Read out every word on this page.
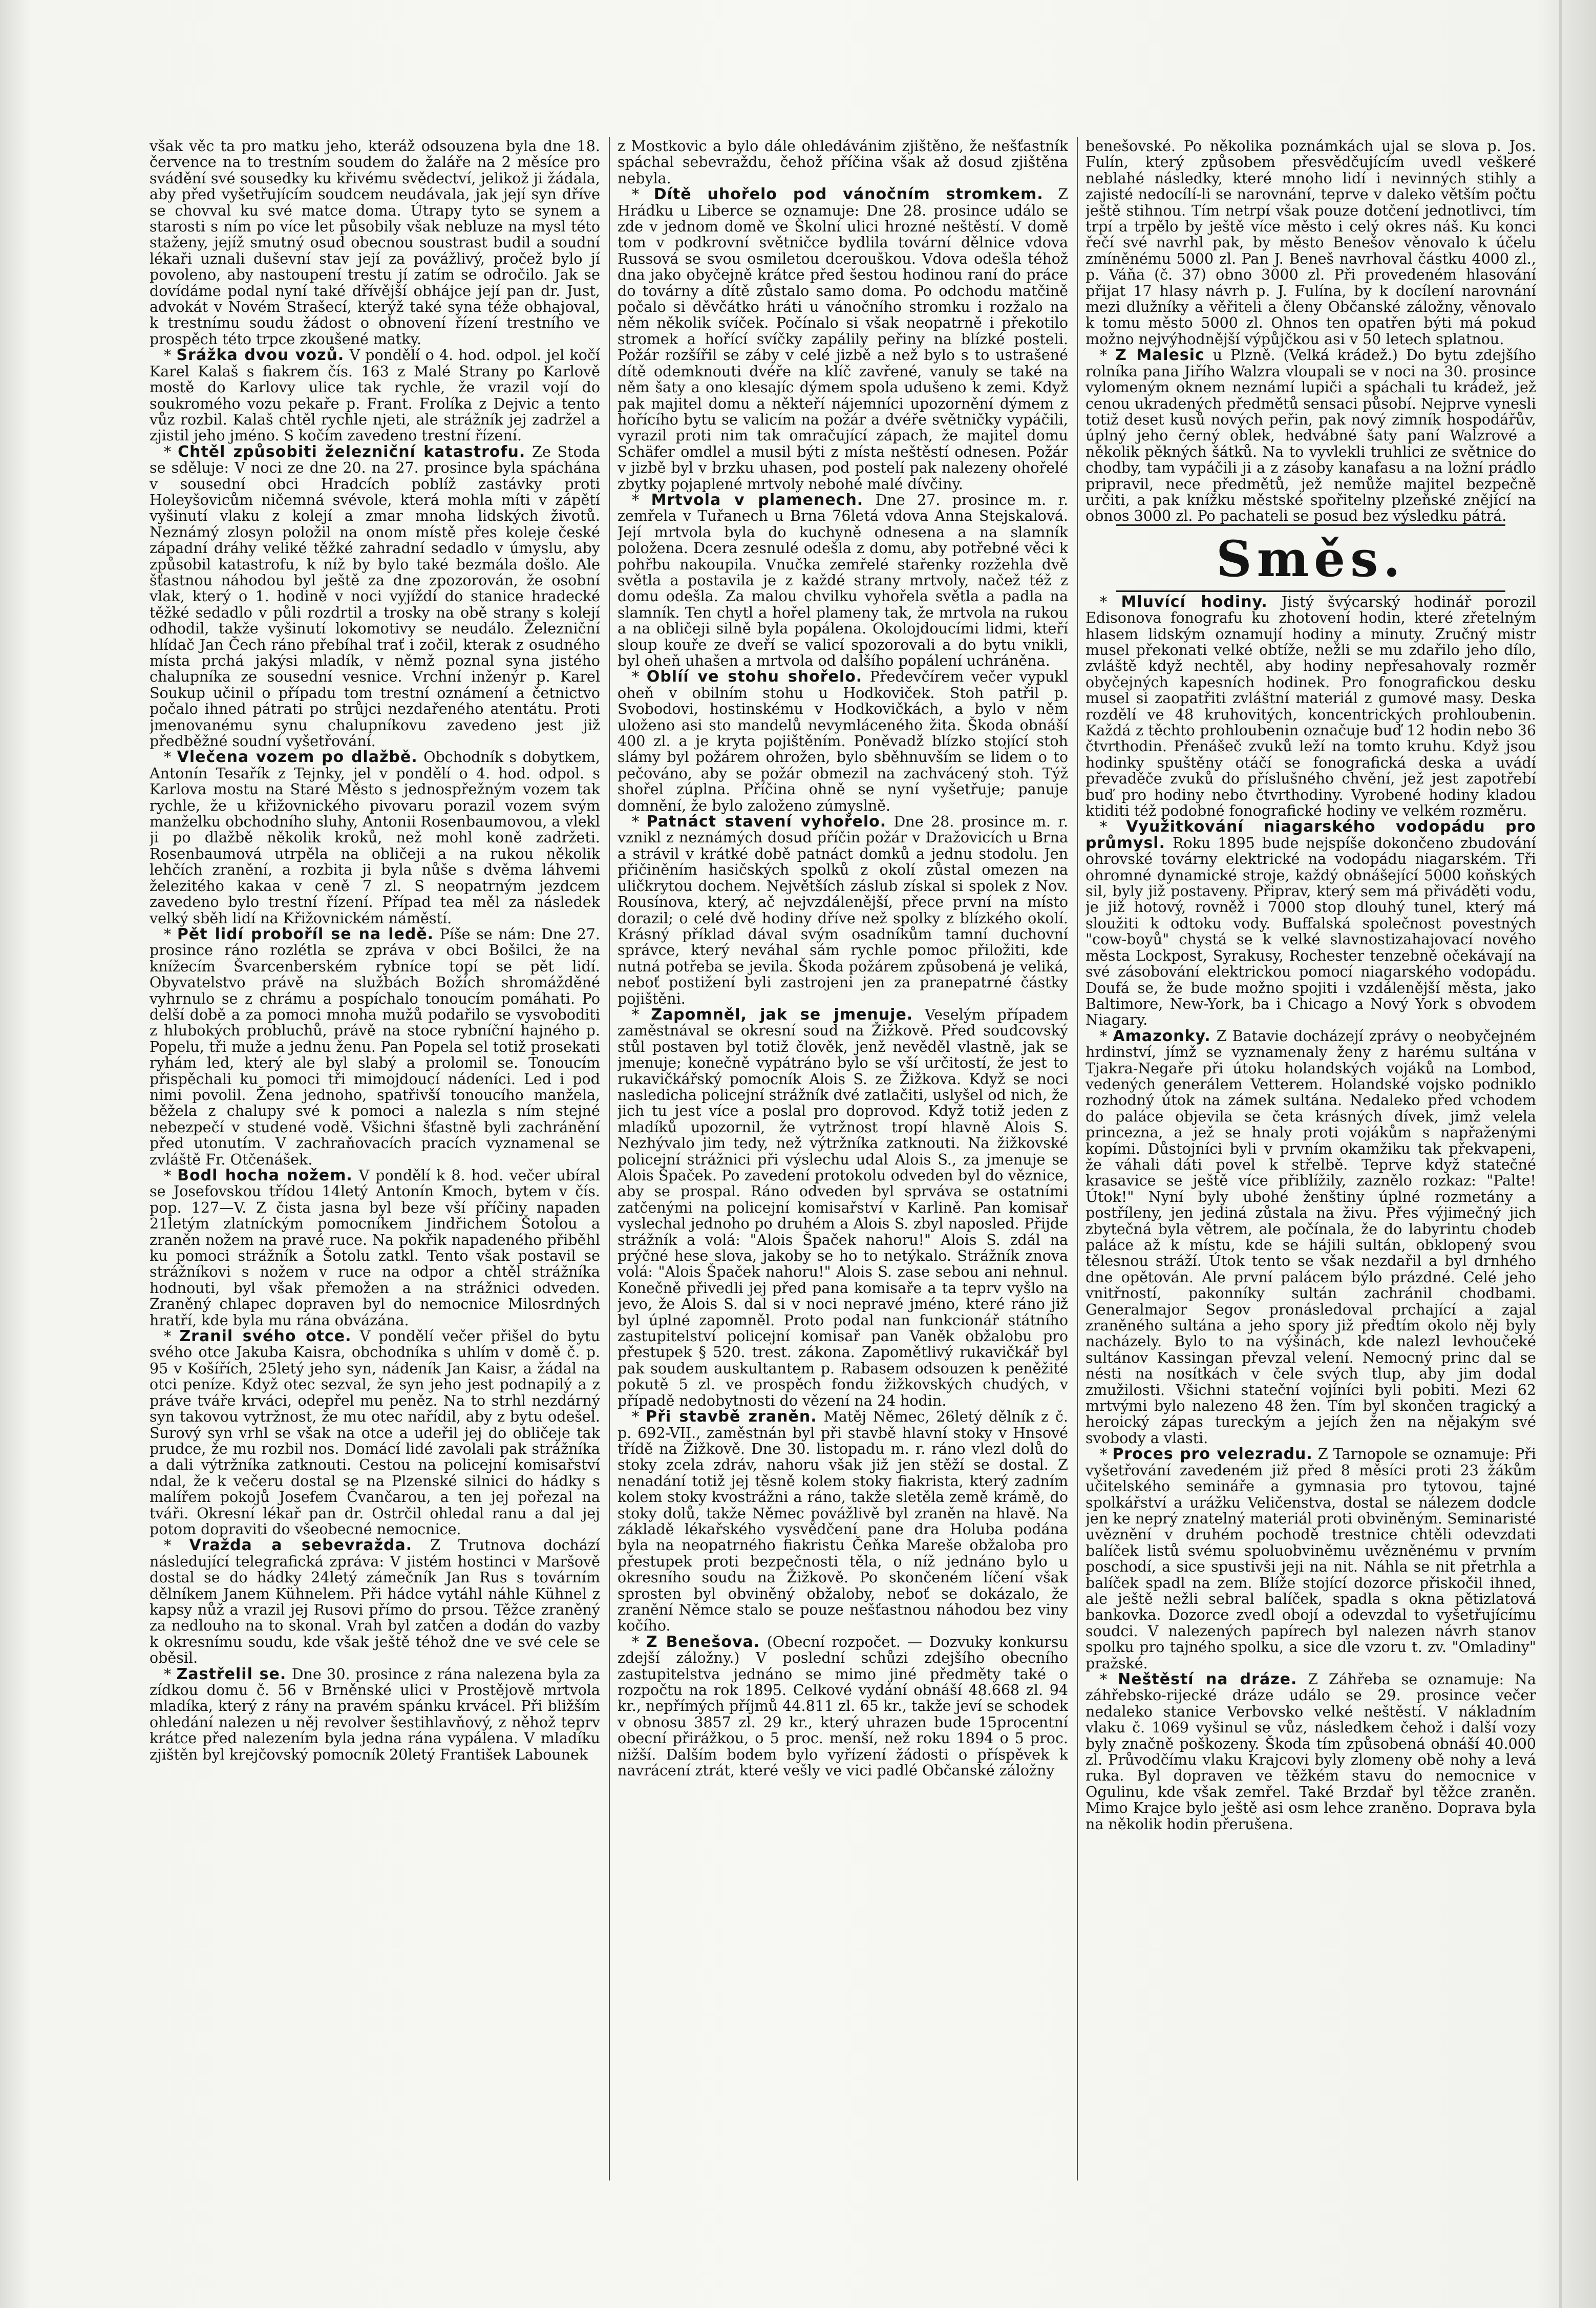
však věc ta pro matku jeho, kteráž odsouzena byla dne 18. července na to trestním soudem do žaláře na 2 měsíce pro svádění své sousedky ku křivému svědectví, jelikož ji žádala, aby před vyšetřujícím soudcem neudávala, jak její syn dříve se chovval ku své matce doma. Útrapy tyto se synem a starosti s ním po více let působily však nebluze na mysl této staženy, jejíž smutný osud obecnou soustrast budil a soudní lékaři uznali duševní stav její za povážlivý, pročež bylo jí povoleno, aby nastoupení trestu jí zatím se odročilo. Jak se dovídáme podal nyní také dřívější obhájce její pan dr. Just, advokát v Novém Strašecí, kterýž také syna téže obhajoval, k trestnímu soudu žádost o obnovení řízení trestního ve prospěch této trpce zkoušené matky.

* Srážka dvou vozů. V pondělí o 4. hod. odpol. jel kočí Karel Kalaš s fiakrem čís. 163 z Malé Strany po Karlově mostě do Karlovy ulice tak rychle, že vrazil vojí do soukromého vozu pekaře p. Frant. Frolíka z Dejvic a tento vůz rozbil. Kalaš chtěl rychle njeti, ale strážník jej zadržel a zjistil jeho jméno. S kočím zavedeno trestní řízení.

* Chtěl způsobiti železniční katastrofu. Ze Stoda se sděluje: V noci ze dne 20. na 27. prosince byla spáchána v sousední obci Hradcích poblíž zastávky proti Holeyšovicům ničemná svévole, která mohla míti v zápětí vyšinutí vlaku z kolejí a zmar mnoha lidských životů. Neznámý zlosyn položil na onom místě přes koleje české západní dráhy veliké těžké zahradní sedadlo v úmyslu, aby způsobil katastrofu, k níž by bylo také bezmála došlo. Ale šťastnou náhodou byl ještě za dne zpozorován, že osobní vlak, který o 1. hodině v noci vyjíždí do stanice hradecké těžké sedadlo v půli rozdrtil a trosky na obě strany s kolejí odhodil, takže vyšinutí lokomotivy se neudálo. Železniční hlídač Jan Čech ráno přebíhal trať i zočil, kterak z osudného místa prchá jakýsi mladík, v němž poznal syna jistého chalupníka ze sousední vesnice. Vrchní inženýr p. Karel Soukup učinil o případu tom trestní oznámení a četnictvo počalo ihned pátrati po strůjci nezdařeného atentátu. Proti jmenovanému synu chalupníkovu zavedeno jest již předběžné soudní vyšetřování.

* Vlečena vozem po dlažbě. Obchodník s dobytkem, Antonín Tesařík z Tejnky, jel v pondělí o 4. hod. odpol. s Karlova mostu na Staré Město s jednospřežným vozem tak rychle, že u křižovnického pivovaru porazil vozem svým manželku obchodního sluhy, Antonii Rosenbaumovou, a vlekl ji po dlažbě několik kroků, než mohl koně zadržeti. Rosenbaumová utrpěla na obličeji a na rukou několik lehčích zranění, a rozbita ji byla nůše s dvěma láhvemi železitého kakaa v ceně 7 zl. S neopatrným jezdcem zavedeno bylo trestní řízení. Případ tea měl za následek velký sběh lidí na Křižovnickém náměstí.

* Pět lidí proboříl se na ledě. Píše se nám: Dne 27. prosince ráno rozlétla se zpráva v obci Bošilci, že na knížecím Švarcenberském rybníce topí se pět lidí. Obyvatelstvo právě na službách Božích shromážděné vyhrnulo se z chrámu a pospíchalo tonoucím pomáhati. Po delší době a za pomoci mnoha mužů podařilo se vysvoboditi z hlubokých probluchů, právě na stoce rybníční hajného p. Popelu, tři muže a jednu ženu. Pan Popela sel totiž prosekati ryhám led, který ale byl slabý a prolomil se. Tonoucím přispěchali ku pomoci tři mimojdoucí nádeníci. Led i pod nimi povolil. Žena jednoho, spatřivší tonoucího manžela, běžela z chalupy své k pomoci a nalezla s ním stejné nebezpečí v studené vodě. Všichni šťastně byli zachránění před utonutím. V zachraňovacích pracích vyznamenal se zvláště Fr. Otčenášek.

* Bodl hocha nožem. V pondělí k 8. hod. večer ubíral se Josefovskou třídou 14letý Antonín Kmoch, bytem v čís. pop. 127—V. Z čista jasna byl beze vší příčiny napaden 21letým zlatníckým pomocníkem Jindřichem Šotolou a zraněn nožem na pravé ruce. Na pokřik napadeného přiběhl ku pomoci strážník a Šotolu zatkl. Tento však postavil se strážníkovi s nožem v ruce na odpor a chtěl strážníka hodnouti, byl však přemožen a na strážnici odveden. Zraněný chlapec dopraven byl do nemocnice Milosrdných hratří, kde byla mu rána obvázána.

* Zranil svého otce. V pondělí večer přišel do bytu svého otce Jakuba Kaisra, obchodníka s uhlím v domě č. p. 95 v Košířích, 25letý jeho syn, nádeník Jan Kaisr, a žádal na otci peníze. Když otec sezval, že syn jeho jest podnapilý a z práve tváře krváci, odepřel mu peněz. Na to strhl nezdárný syn takovou vytržnost, že mu otec nařídil, aby z bytu odešel. Surový syn vrhl se však na otce a udeřil jej do obličeje tak prudce, že mu rozbil nos. Domácí lidé zavolali pak strážníka a dali výtržníka zatknouti. Cestou na policejní komisařství ndal, že k večeru dostal se na Plzenské silnici do hádky s malířem pokojů Josefem Čvančarou, a ten jej pořezal na tváři. Okresní lékař pan dr. Ostrčil ohledal ranu a dal jej potom dopraviti do všeobecné nemocnice.

* Vražda a sebevražda. Z Trutnova dochází následující telegrafická zpráva: V jistém hostinci v Maršově dostal se do hádky 24letý zámečník Jan Rus s továrním dělníkem Janem Kühnelem. Při hádce vytáhl náhle Kühnel z kapsy nůž a vrazil jej Rusovi přímo do prsou. Těžce zraněný za nedlouho na to skonal. Vrah byl zatčen a dodán do vazby k okresnímu soudu, kde však ještě téhož dne ve své cele se oběsil.

* Zastřelil se. Dne 30. prosince z rána nalezena byla za zídkou domu č. 56 v Brněnské ulici v Prostějově mrtvola mladíka, který z rány na pravém spánku krvácel. Při bližším ohledání nalezen u něj revolver šestihlavňový, z něhož teprv krátce před nalezením byla jedna rána vypálena. V mladíku zjištěn byl krejčovský pomocník 20letý František Labounek

z Mostkovic a bylo dále ohledávánim zjištěno, že nešťastník spáchal sebevraždu, čehož příčina však až dosud zjištěna nebyla.

* Dítě uhořelo pod vánočním stromkem. Z Hrádku u Liberce se oznamuje: Dne 28. prosince událo se zde v jednom domě ve Školní ulici hrozné neštěstí. V domě tom v podkrovní světničce bydlila tovární dělnice vdova Russová se svou osmiletou dcerouškou. Vdova odešla téhož dna jako obyčejně krátce před šestou hodinou raní do práce do továrny a dítě zůstalo samo doma. Po odchodu matčině počalo si děvčátko hráti u vánočního stromku i rozžalo na něm několik svíček. Počínalo si však neopatrně i překotilo stromek a hořící svíčky zapálily peřiny na blízké posteli. Požár rozšířil se záby v celé jizbě a než bylo s to ustrašené dítě odemknouti dvéře na klíč zavřené, vanuly se také na něm šaty a ono klesajíc dýmem spola udušeno k zemi. Když pak majitel domu a někteří nájemníci upozornění dýmem z hořícího bytu se valicím na požár a dvéře světničky vypáčili, vyrazil proti nim tak omračující zápach, že majitel domu Schäfer omdlel a musil býti z místa neštěstí odnesen. Požár v jizbě byl v brzku uhasen, pod postelí pak nalezeny ohořelé zbytky pojaplené mrtvoly nebohé malé dívčiny.

* Mrtvola v plamenech. Dne 27. prosince m. r. zemřela v Tuřanech u Brna 76letá vdova Anna Stejskalová. Její mrtvola byla do kuchyně odnesena a na slamník položena. Dcera zesnulé odešla z domu, aby potřebné věci k pohřbu nakoupila. Vnučka zemřelé stařenky rozžehla dvě světla a postavila je z každé strany mrtvoly, načež též z domu odešla. Za malou chvilku vyhořela světla a padla na slamník. Ten chytl a hořel plameny tak, že mrtvola na rukou a na obličeji silně byla popálena. Okolojdoucími lidmi, kteří sloup kouře ze dveří se valicí spozorovali a do bytu vnikli, byl oheň uhašen a mrtvola od dalšího popálení uchráněna.

* Oblíí ve stohu shořelo. Předevčírem večer vypukl oheň v obilním stohu u Hodkoviček. Stoh patřil p. Svobodovi, hostinskému v Hodkovičkách, a bylo v něm uloženo asi sto mandelů nevymláceného žita. Škoda obnáší 400 zl. a je kryta pojištěním. Poněvadž blízko stojící stoh slámy byl požárem ohrožen, bylo sběhnuvším se lidem o to pečováno, aby se požár obmezil na zachvácený stoh. Týž shořel zúplna. Příčina ohně se nyní vyšetřuje; panuje domnění, že bylo založeno zúmyslně.

* Patnáct stavení vyhořelo. Dne 28. prosince m. r. vznikl z neznámých dosud příčin požár v Dražovicích u Brna a strávil v krátké době patnáct domků a jednu stodolu. Jen přičiněním hasičských spolků z okolí zůstal omezen na uličkrytou dochem. Největších záslub získal si spolek z Nov. Rousínova, který, ač nejvzdálenější, přece první na místo dorazil; o celé dvě hodiny dříve než spolky z blízkého okolí. Krásný příklad dával svým osadníkům tamní duchovní správce, který neváhal sám rychle pomoc přiložiti, kde nutná potřeba se jevila. Škoda požárem způsobená je veliká, neboť postižení byli zastrojeni jen za pranepatrné částky pojištěni.

* Zapomněl, jak se jmenuje. Veselým případem zaměstnával se okresní soud na Žižkově. Před soudcovský stůl postaven byl totiž člověk, jenž nevěděl vlastně, jak se jmenuje; konečně vypátráno bylo se vší určitostí, že jest to rukavičkářský pomocník Alois S. ze Žižkova. Když se noci nasledicha policejní strážník dvé zatlačiti, uslyšel od nich, že jich tu jest více a poslal pro doprovod. Když totiž jeden z mladíků upozornil, že vytržnost tropí hlavně Alois S. Nezhývalo jim tedy, než výtržníka zatknouti. Na žižkovské policejní strážnici při výslechu udal Alois S., za jmenuje se Alois Špaček. Po zavedení protokolu odveden byl do věznice, aby se prospal. Ráno odveden byl sprváva se ostatními zatčenými na policejní komisařství v Karlině. Pan komisař vyslechal jednoho po druhém a Alois S. zbyl naposled. Přijde strážník a volá: "Alois Špaček nahoru!" Alois S. zdál na prýčné hese slova, jakoby se ho to netýkalo. Strážník znova volá: "Alois Špaček nahoru!" Alois S. zase sebou ani nehnul. Konečně přivedli jej před pana komisaře a ta teprv vyšlo na jevo, že Alois S. dal si v noci nepravé jméno, které ráno již byl úplné zapomněl. Proto podal nan funkcionář státního zastupitelství policejní komisař pan Vaněk obžalobu pro přestupek § 520. trest. zákona. Zapomětlivý rukavičkář byl pak soudem auskultantem p. Rabasem odsouzen k peněžité pokutě 5 zl. ve prospěch fondu žižkovských chudých, v případě nedobytnosti do vězení na 24 hodin.

* Při stavbě zraněn. Matěj Němec, 26letý dělník z č. p. 692-VII., zaměstnán byl při stavbě hlavní stoky v Hnsové třídě na Žižkově. Dne 30. listopadu m. r. ráno vlezl dolů do stoky zcela zdráv, nahoru však již jen stěží se dostal. Z nenadání totiž jej těsně kolem stoky fiakrista, který zadním kolem stoky kvostrážni a ráno, takže sletěla země krámě, do stoky dolů, takže Němec povážlivě byl zraněn na hlavě. Na základě lékařského vysvědčení pane dra Holuba podána byla na neopatrného fiakristu Čeňka Mareše obžaloba pro přestupek proti bezpečnosti těla, o níž jednáno bylo u okresního soudu na Žižkově. Po skončeném líčení však sprosten byl obviněný obžaloby, neboť se dokázalo, že zranění Němce stalo se pouze nešťastnou náhodou bez viny kočího.

* Z Benešova. (Obecní rozpočet. — Dozvuky konkursu zdejší záložny.) V poslední schůzi zdejšího obecního zastupitelstva jednáno se mimo jiné předměty také o rozpočtu na rok 1895. Celkové vydání obnáší 48.668 zl. 94 kr., nepřímých příjmů 44.811 zl. 65 kr., takže jeví se schodek v obnosu 3857 zl. 29 kr., který uhrazen bude 15procentní obecní přirážkou, o 5 proc. menší, než roku 1894 o 5 proc. nižší. Dalším bodem bylo vyřízení žádosti o příspěvek k navrácení ztrát, které vešly ve vici padlé Občanské záložny

benešovské. Po několika poznámkách ujal se slova p. Jos. Fulín, který způsobem přesvědčujícím uvedl veškeré neblahé následky, které mnoho lidí i nevinných stihly a zajisté nedocílí-li se narovnání, teprve v daleko větším počtu ještě stihnou. Tím netrpí však pouze dotčení jednotlivci, tím trpí a trpělo by ještě více město i celý okres náš. Ku konci řečí své navrhl pak, by město Benešov věnovalo k účelu zmíněnému 5000 zl. Pan J. Beneš navrhoval částku 4000 zl., p. Váňa (č. 37) obno 3000 zl. Při provedeném hlasování přijat 17 hlasy návrh p. J. Fulína, by k docílení narovnání mezi dlužníky a věřiteli a členy Občanské záložny, věnovalo k tomu město 5000 zl. Ohnos ten opatřen býti má pokud možno nejvýhodnější výpůjčkou asi v 50 letech splatnou.

* Z Malesic u Plzně. (Velká krádež.) Do bytu zdejšího rolníka pana Jiřího Walzra vloupali se v noci na 30. prosince vylomeným oknem neznámí lupiči a spáchali tu krádež, jež cenou ukradených předmětů sensaci působí. Nejprve vynesli totiž deset kusů nových peřin, pak nový zimník hospodářův, úplný jeho černý oblek, hedvábné šaty paní Walzrové a několik pěkných šátků. Na to vyvlekli truhlici ze světnice do chodby, tam vypáčili ji a z zásoby kanafasu a na ložní prádlo pripravil, nece předmětů, jež nemůže majitel bezpečně určiti, a pak knížku městské spořitelny plzeňské znějící na obnos 3000 zl. Po pachateli se posud bez výsledku pátrá.

Směs.

* Mluvící hodiny. Jistý švýcarský hodinář porozil Edisonova fonografu ku zhotovení hodin, které zřetelným hlasem lidským oznamují hodiny a minuty. Zručný mistr musel překonati velké obtíže, nežli se mu zdařilo jeho dílo, zvláště když nechtěl, aby hodiny nepřesahovaly rozměr obyčejných kapesních hodinek. Pro fonografickou desku musel si zaopatřiti zvláštní materiál z gumové masy. Deska rozdělí ve 48 kruhovitých, koncentrických prohloubenin. Každá z těchto prohloubenin označuje buď 12 hodin nebo 36 čtvrthodin. Přenášeč zvuků leží na tomto kruhu. Když jsou hodinky spuštěny otáčí se fonografická deska a uvádí převaděče zvuků do příslušného chvění, jež jest zapotřebí buď pro hodiny nebo čtvrthodiny. Vyrobené hodiny kladou ktiditi též podobné fonografické hodiny ve velkém rozměru.

* Využitkování niagarského vodopádu pro průmysl. Roku 1895 bude nejspíše dokončeno zbudování ohrovské továrny elektrické na vodopádu niagarském. Tři ohromné dynamické stroje, každý obnášející 5000 koňských sil, byly již postaveny. Připrav, který sem má přiváděti vodu, je již hotový, rovněž i 7000 stop dlouhý tunel, který má sloužiti k odtoku vody. Buffalská společnost povestných "cow-boyů" chystá se k velké slavnostizahajovací nového města Lockpost, Syrakusy, Rochester tenzebně očekávají na své zásobování elektrickou pomocí niagarského vodopádu. Doufá se, že bude možno spojiti i vzdálenější města, jako Baltimore, New-York, ba i Chicago a Nový York s obvodem Niagary.

* Amazonky. Z Batavie docházejí zprávy o neobyčejném hrdinství, jímž se vyznamenaly ženy z harému sultána v Tjakra-Negaře při útoku holandských vojáků na Lombod, vedených generálem Vetterem. Holandské vojsko podniklo rozhodný útok na zámek sultána. Nedaleko před vchodem do paláce objevila se četa krásných dívek, jimž velela princezna, a jež se hnaly proti vojákům s napřaženými kopími. Důstojníci byli v prvním okamžiku tak překvapeni, že váhali dáti povel k střelbě. Teprve když statečné krasavice se ještě více přiblížily, zaznělo rozkaz: "Palte! Útok!" Nyní byly ubohé ženštiny úplné rozmetány a postříleny, jen jediná zůstala na živu. Přes výjimečný jich zbytečná byla větrem, ale počínala, že do labyrintu chodeb paláce až k místu, kde se hájili sultán, obklopený svou tělesnou stráží. Útok tento se však nezdařil a byl drnhého dne opětován. Ale první palácem býlo prázdné. Celé jeho vnitřností, pakonníky sultán zachránil chodbami. Generalmajor Segov pronásledoval prchající a zajal zraněného sultána a jeho spory již předtím okolo něj byly nacházely. Bylo to na výšinách, kde nalezl levhoučeké sultánov Kassingan převzal velení. Nemocný princ dal se nésti na nosítkách v čele svých tlup, aby jim dodal zmužilosti. Všichni stateční vojíníci byli pobiti. Mezi 62 mrtvými bylo nalezeno 48 žen. Tím byl skončen tragický a heroický zápas tureckým a jejích žen na nějakým své svobody a vlasti.

* Proces pro velezradu. Z Tarnopole se oznamuje: Při vyšetřování zavedeném již před 8 měsíci proti 23 žákům učitelského semináře a gymnasia pro tytovou, tajné spolkářství a urážku Veličenstva, dostal se nálezem dodcle jen ke neprý znatelný materiál proti obviněným. Seminaristé uvěznění v druhém pochodě trestnice chtěli odevzdati balíček listů svému spoluobviněmu uvězněnému v prvním poschodí, a sice spustivši jeji na nit. Náhla se nit přetrhla a balíček spadl na zem. Blíže stojící dozorce přiskočil ihned, ale ještě nežli sebral balíček, spadla s okna pětizlatová bankovka. Dozorce zvedl obojí a odevzdal to vyšetřujícímu soudci. V nalezených papírech byl nalezen návrh stanov spolku pro tajného spolku, a sice dle vzoru t. zv. "Omladiny" pražské.

* Neštěstí na dráze. Z Záhřeba se oznamuje: Na záhřebsko-rijecké dráze událo se 29. prosince večer nedaleko stanice Verbovsko velké neštěstí. V nákladním vlaku č. 1069 vyšinul se vůz, následkem čehož i další vozy byly značně poškozeny. Škoda tím způsobená obnáší 40.000 zl. Průvodčímu vlaku Krajcovi byly zlomeny obě nohy a levá ruka. Byl dopraven ve těžkém stavu do nemocnice v Ogulinu, kde však zemřel. Také Brzdař byl těžce zraněn. Mimo Krajce bylo ještě asi osm lehce zraněno. Doprava byla na několik hodin přerušena.
